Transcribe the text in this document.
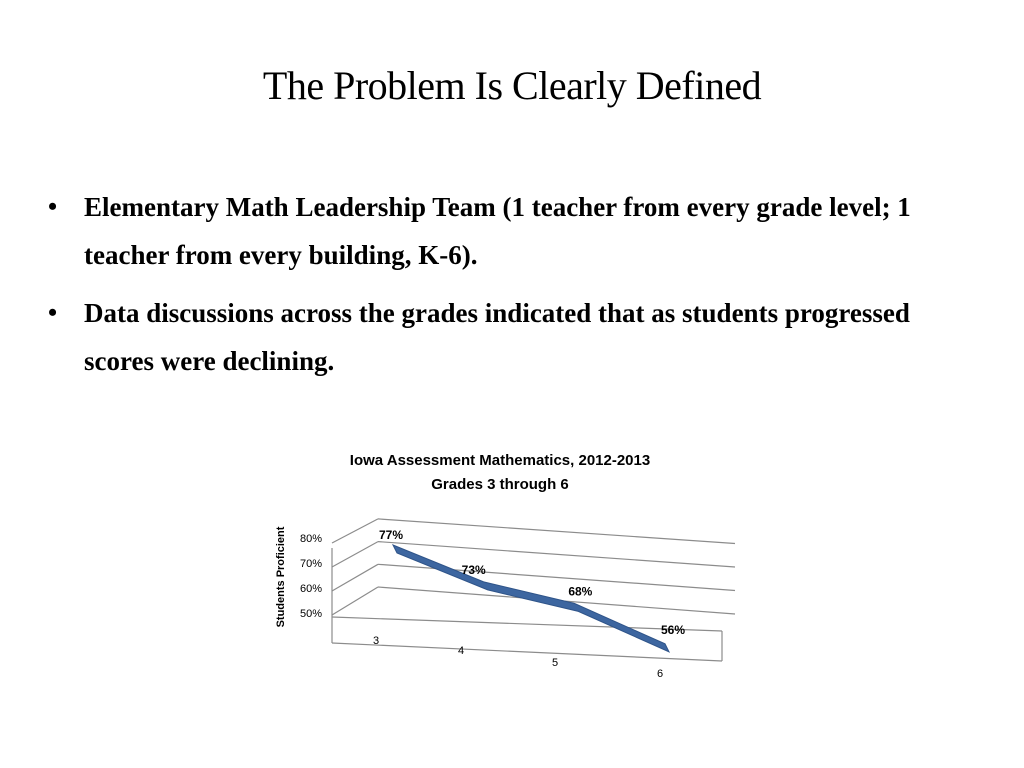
The Problem Is Clearly Defined
• Elementary Math Leadership Team (1 teacher from every grade level; 1 teacher from every building, K-6).
• Data discussions across the grades indicated that as students progressed scores were declining.
Iowa Assessment Mathematics, 2012-2013
Grades 3 through 6
50%
60%
70%
80%
Students Proficient
3
4
5
6
77%
73%
68%
56%
